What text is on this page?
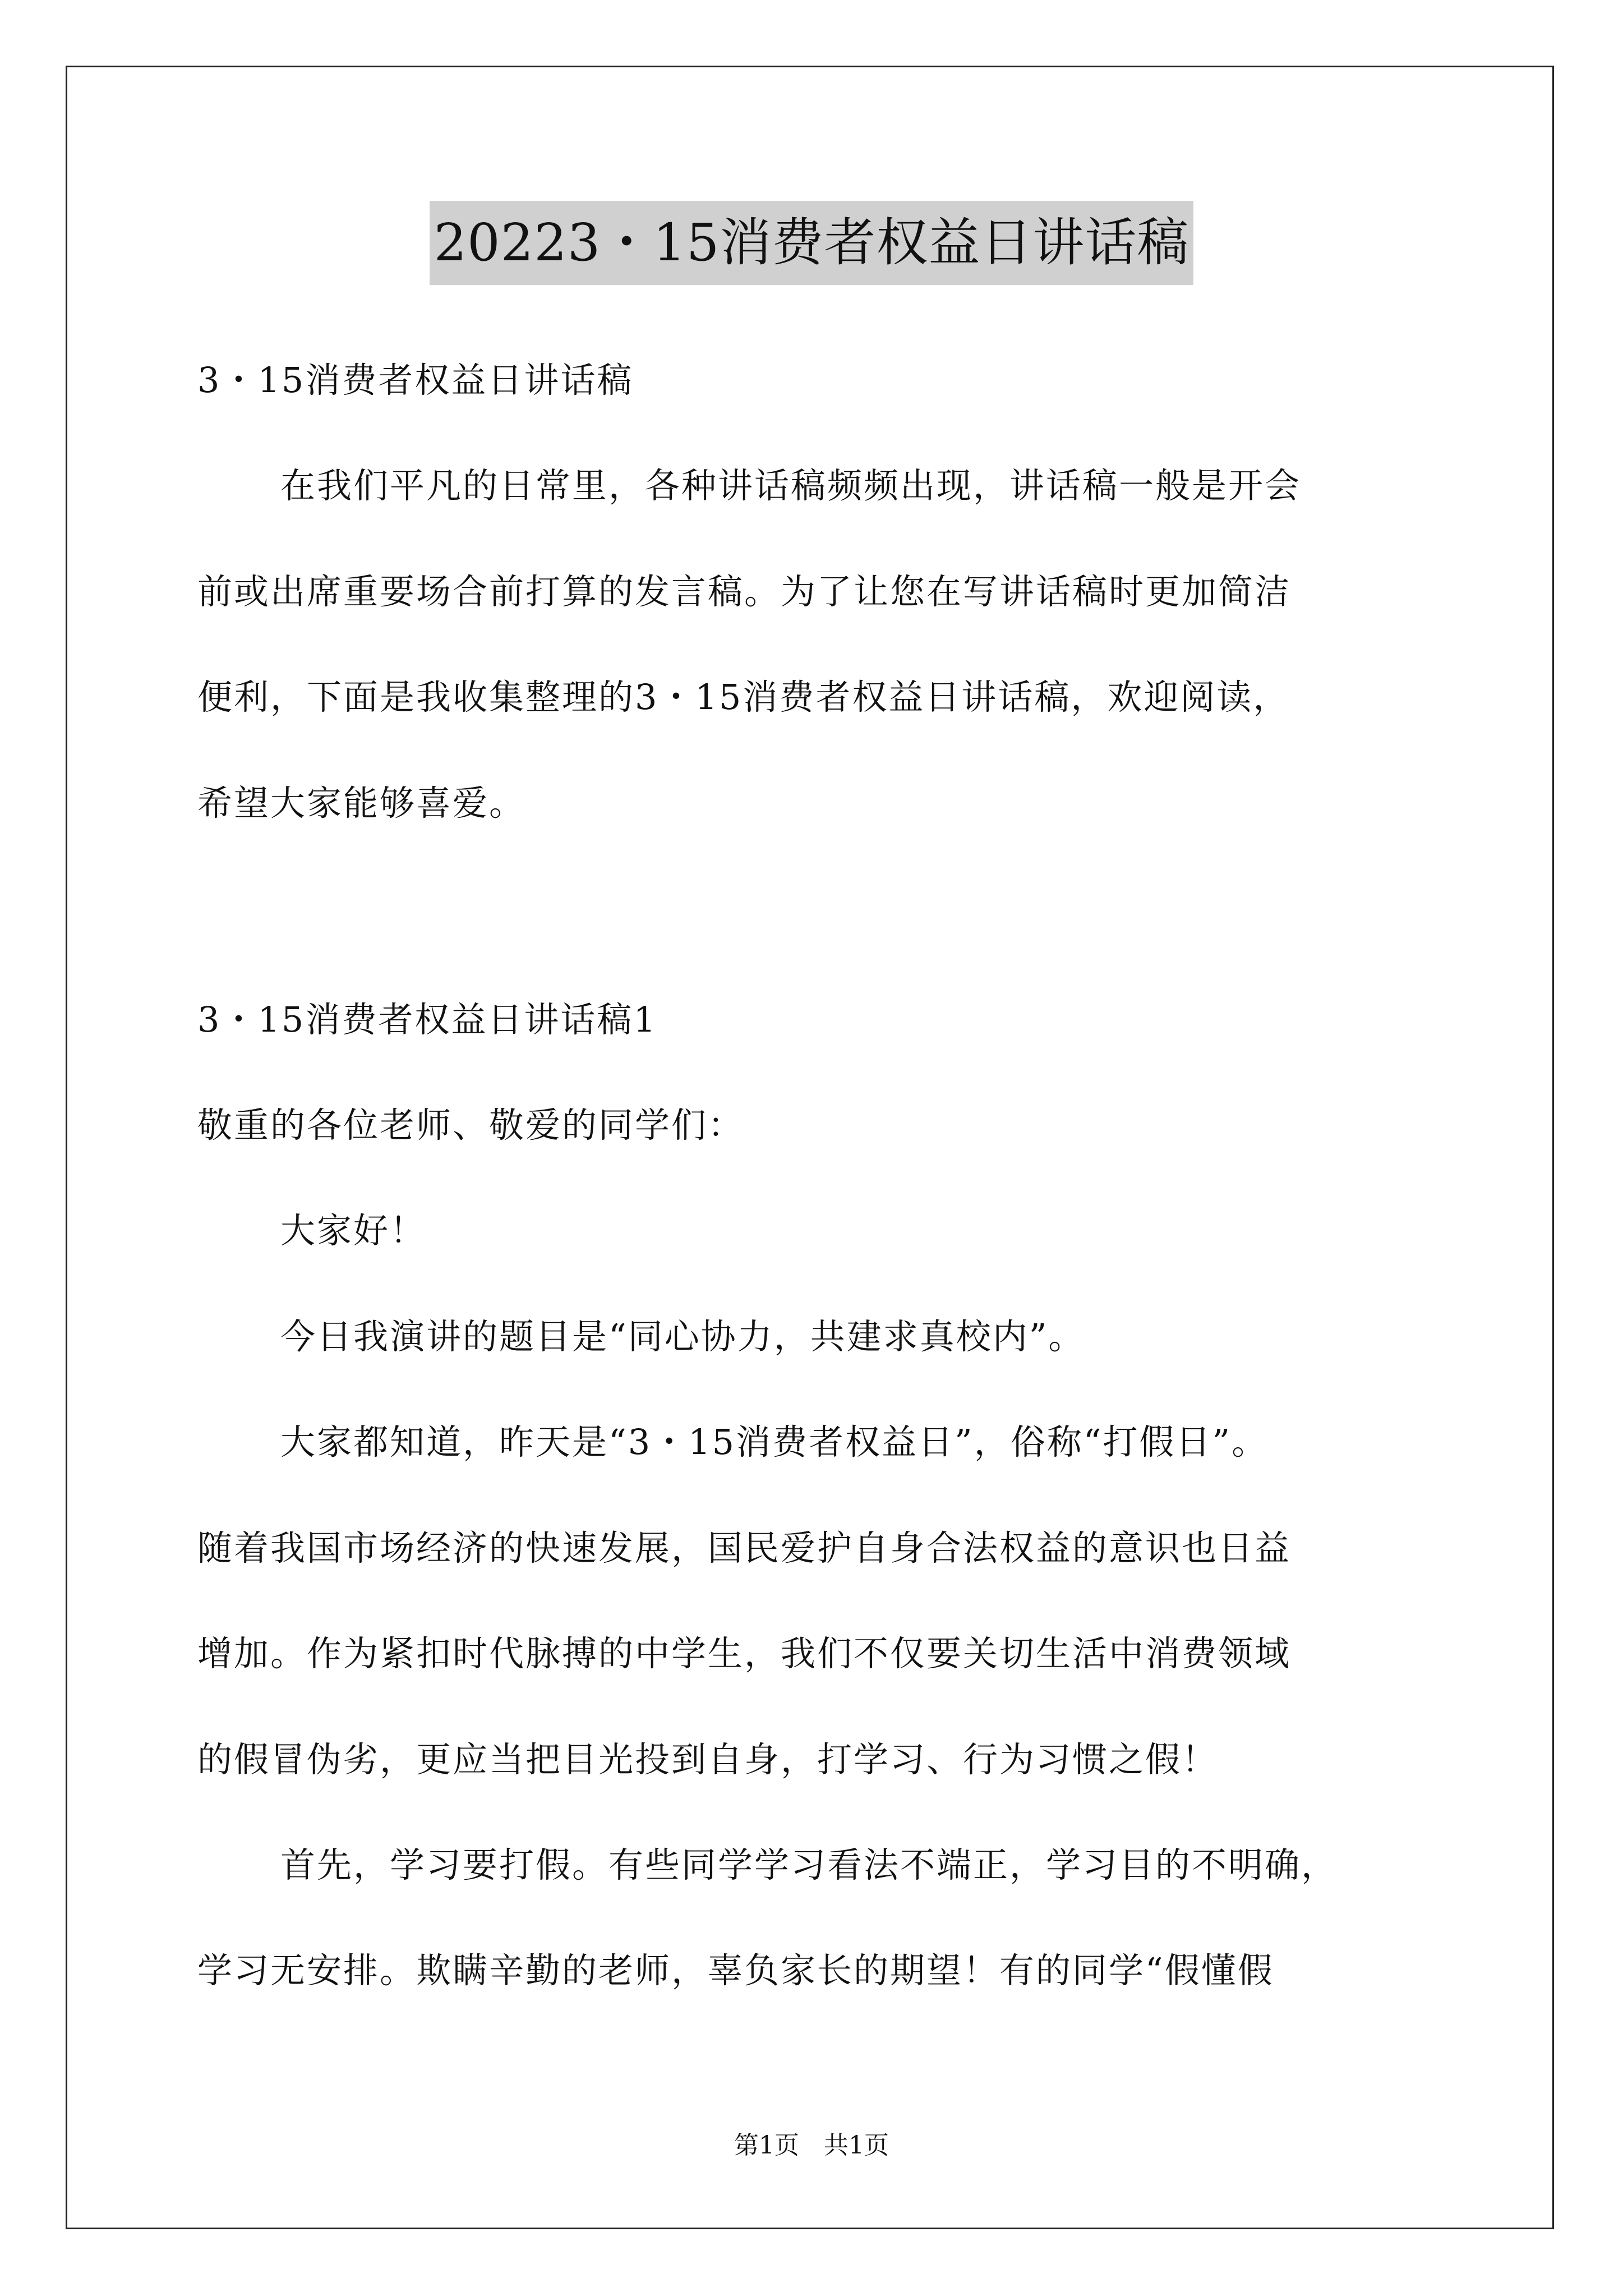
20223・15消费者权益日讲话稿
3・15消费者权益日讲话稿
在我们平凡的日常里，各种讲话稿频频出现，讲话稿一般是开会
前或出席重要场合前打算的发言稿。为了让您在写讲话稿时更加简洁
便利，下面是我收集整理的3・15消费者权益日讲话稿，欢迎阅读，
希望大家能够喜爱。
3・15消费者权益日讲话稿1
敬重的各位老师、敬爱的同学们：
大家好！
今日我演讲的题目是“同心协力，共建求真校内”。
大家都知道，昨天是“3・15消费者权益日”，俗称“打假日”。
随着我国市场经济的快速发展，国民爱护自身合法权益的意识也日益
增加。作为紧扣时代脉搏的中学生，我们不仅要关切生活中消费领域
的假冒伪劣，更应当把目光投到自身，打学习、行为习惯之假！
首先，学习要打假。有些同学学习看法不端正，学习目的不明确，
学习无安排。欺瞒辛勤的老师，辜负家长的期望！有的同学“假懂假
第1页　共1页
